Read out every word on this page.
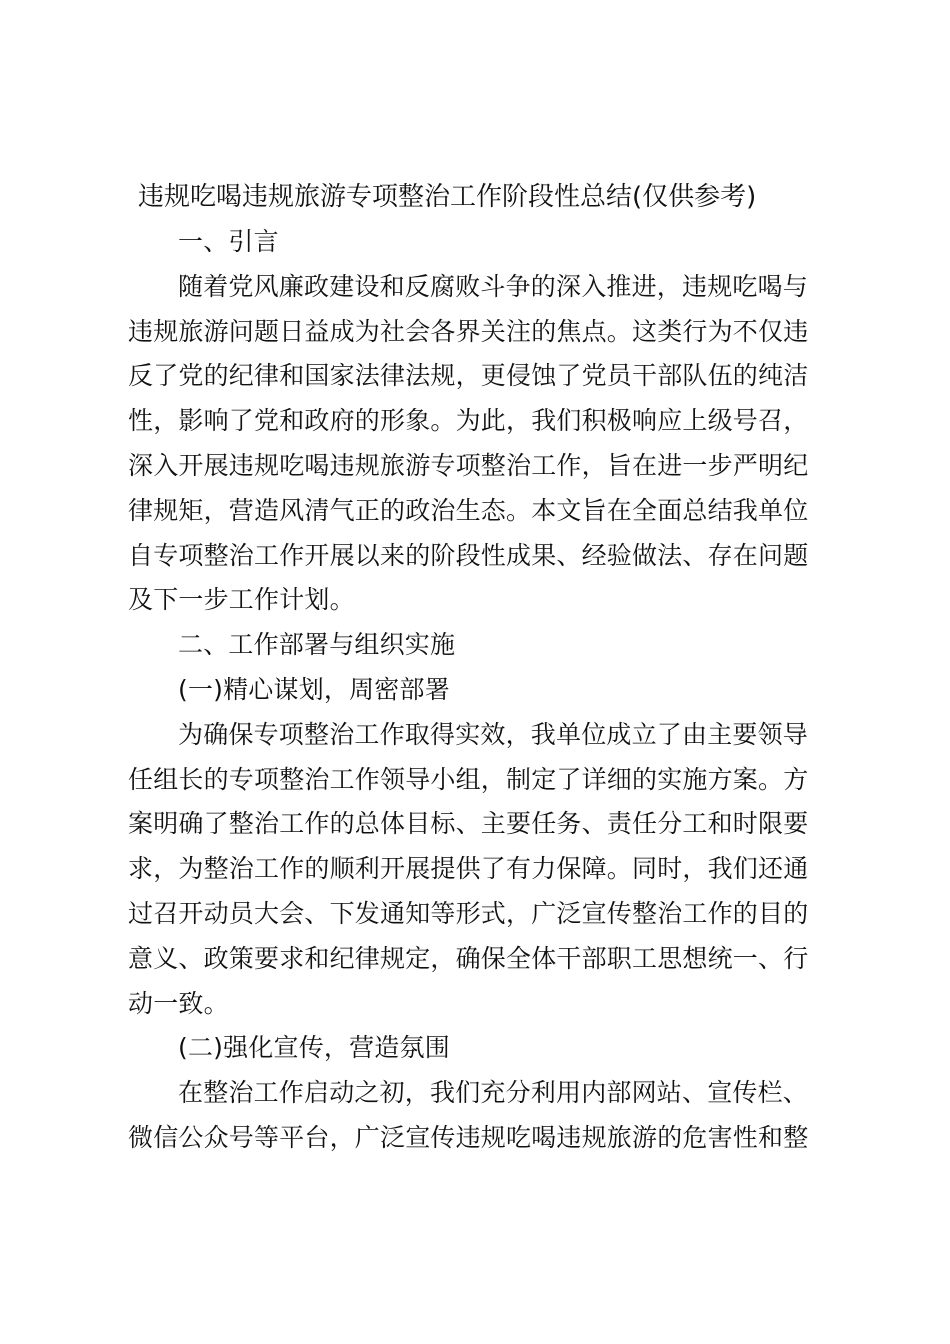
违规吃喝违规旅游专项整治工作阶段性总结(仅供参考)

一、引言

随着党风廉政建设和反腐败斗争的深入推进，违规吃喝与

违规旅游问题日益成为社会各界关注的焦点。这类行为不仅违

反了党的纪律和国家法律法规，更侵蚀了党员干部队伍的纯洁

性，影响了党和政府的形象。为此，我们积极响应上级号召，

深入开展违规吃喝违规旅游专项整治工作，旨在进一步严明纪

律规矩，营造风清气正的政治生态。本文旨在全面总结我单位

自专项整治工作开展以来的阶段性成果、经验做法、存在问题

及下一步工作计划。

二、工作部署与组织实施

(一)精心谋划，周密部署

为确保专项整治工作取得实效，我单位成立了由主要领导

任组长的专项整治工作领导小组，制定了详细的实施方案。方

案明确了整治工作的总体目标、主要任务、责任分工和时限要

求，为整治工作的顺利开展提供了有力保障。同时，我们还通

过召开动员大会、下发通知等形式，广泛宣传整治工作的目的

意义、政策要求和纪律规定，确保全体干部职工思想统一、行

动一致。

(二)强化宣传，营造氛围

在整治工作启动之初，我们充分利用内部网站、宣传栏、

微信公众号等平台，广泛宣传违规吃喝违规旅游的危害性和整
